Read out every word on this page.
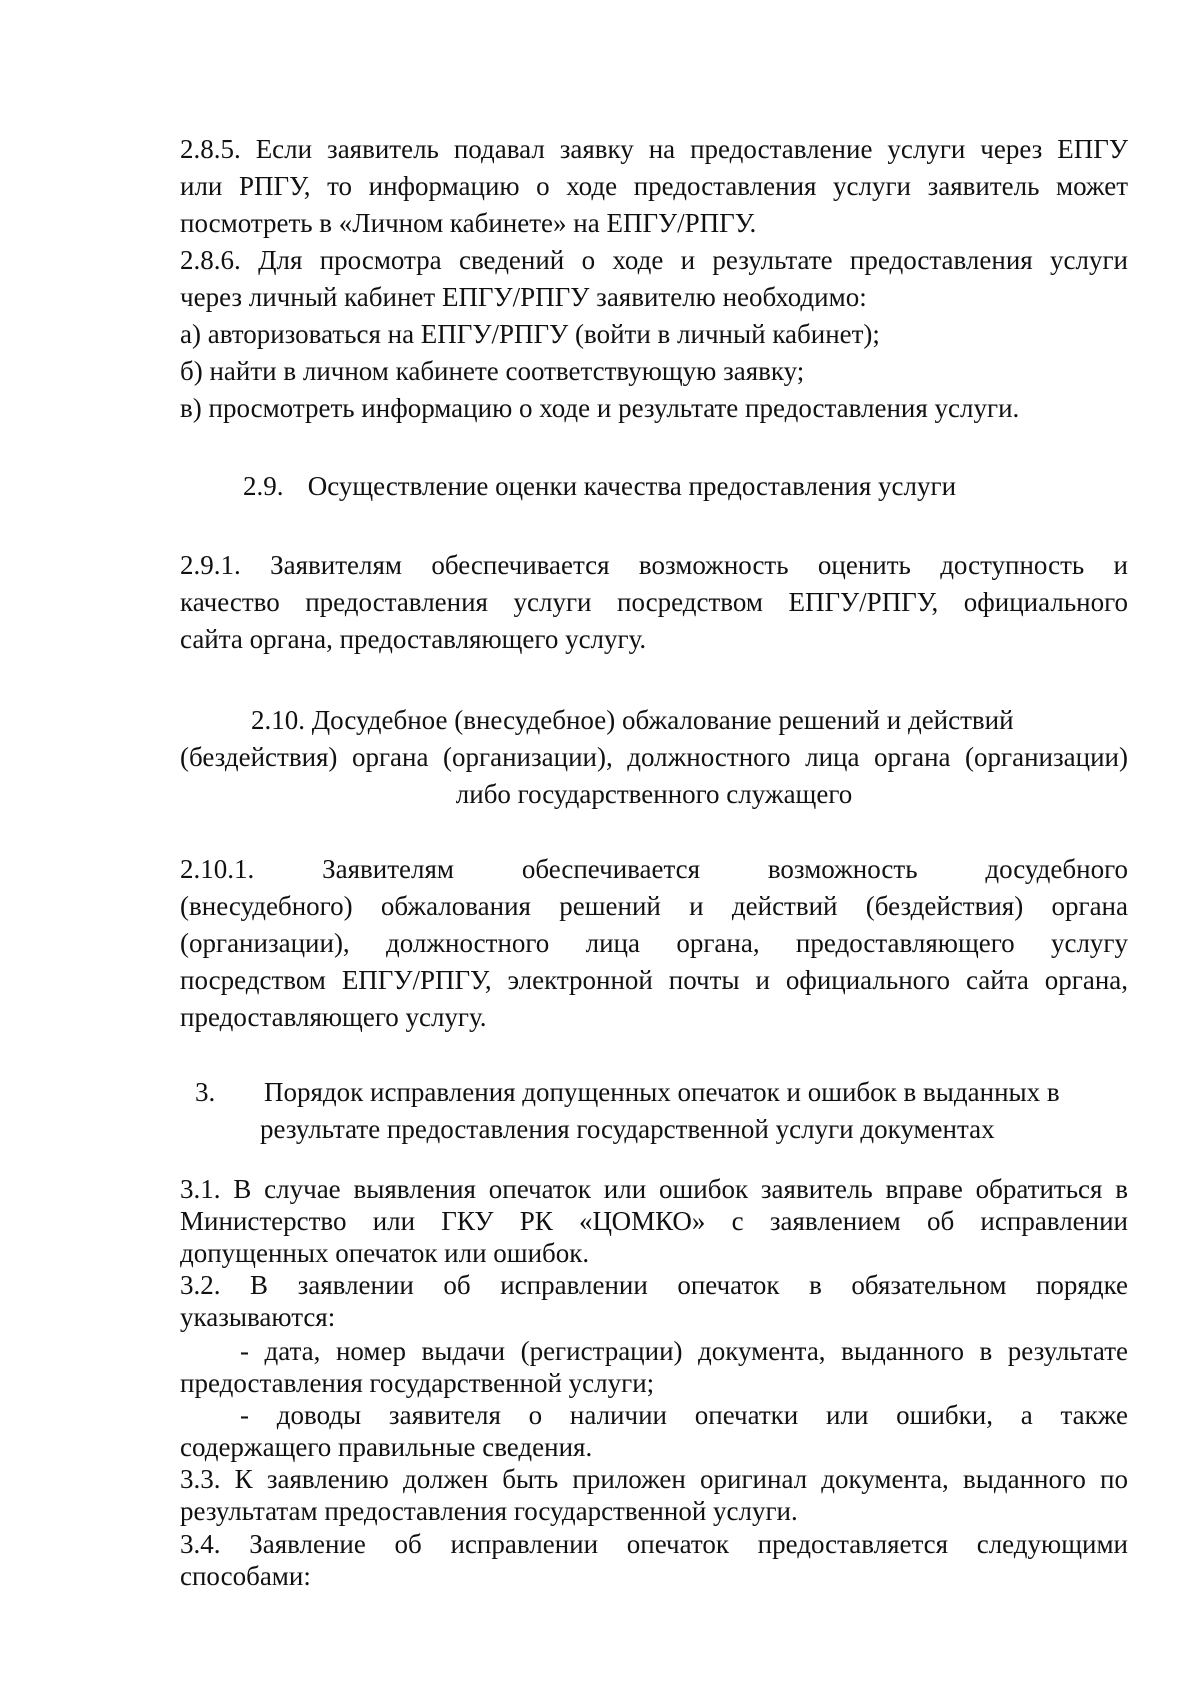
2.8.5. Если заявитель подавал заявку на предоставление услуги через ЕПГУ
или РПГУ, то информацию о ходе предоставления услуги заявитель может
посмотреть в «Личном кабинете» на ЕПГУ/РПГУ.
2.8.6. Для просмотра сведений о ходе и результате предоставления услуги
через личный кабинет ЕПГУ/РПГУ заявителю необходимо:
а) авторизоваться на ЕПГУ/РПГУ (войти в личный кабинет);
б) найти в личном кабинете соответствующую заявку;
в) просмотреть информацию о ходе и результате предоставления услуги.
2.9. Осуществление оценки качества предоставления услуги
2.9.1. Заявителям обеспечивается возможность оценить доступность и
качество предоставления услуги посредством ЕПГУ/РПГУ, официального
сайта органа, предоставляющего услугу.
2.10. Досудебное (внесудебное) обжалование решений и действий
(бездействия) органа (организации), должностного лица органа (организации)
либо государственного служащего
2.10.1. Заявителям обеспечивается возможность досудебного
(внесудебного) обжалования решений и действий (бездействия) органа
(организации), должностного лица органа, предоставляющего услугу
посредством ЕПГУ/РПГУ, электронной почты и официального сайта органа,
предоставляющего услугу.
3.	Порядок исправления допущенных опечаток и ошибок в выданных в
результате предоставления государственной услуги документах
3.1. В случае выявления опечаток или ошибок заявитель вправе обратиться в
Министерство или ГКУ РК «ЦОМКО» с заявлением об исправлении
допущенных опечаток или ошибок.
3.2. В заявлении об исправлении опечаток в обязательном порядке
указываются:
- дата, номер выдачи (регистрации) документа, выданного в результате
предоставления государственной услуги;
- доводы заявителя о наличии опечатки или ошибки, а также
содержащего правильные сведения.
3.3. К заявлению должен быть приложен оригинал документа, выданного по
результатам предоставления государственной услуги.
3.4. Заявление об исправлении опечаток предоставляется следующими
способами:
